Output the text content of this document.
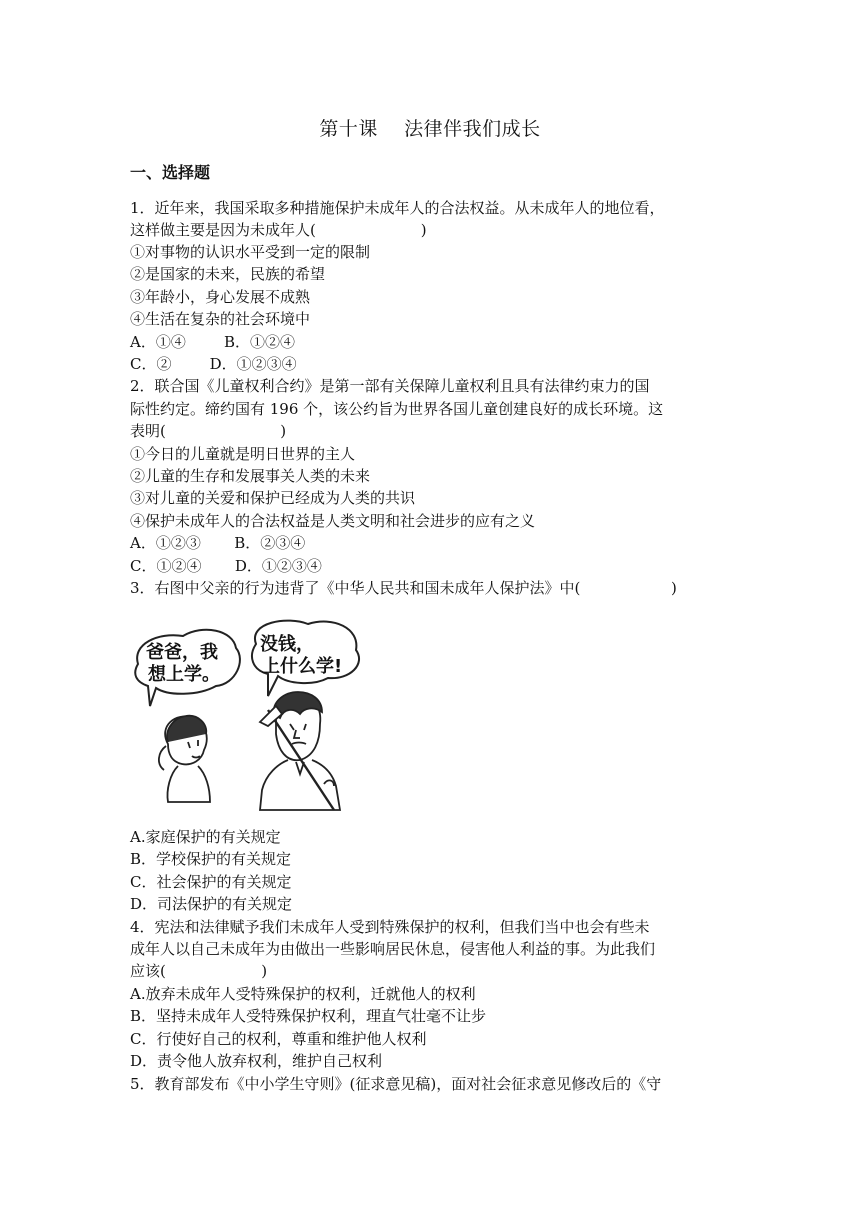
第十课    法律伴我们成长
一、选择题
1．近年来，我国采取多种措施保护未成年人的合法权益。从未成年人的地位看，
这样做主要是因为未成年人(                      )
①对事物的认识水平受到一定的限制
②是国家的未来，民族的希望
③年龄小，身心发展不成熟
④生活在复杂的社会环境中
A．①④        B．①②④
C．②        D．①②③④
2．联合国《儿童权利合约》是第一部有关保障儿童权利且具有法律约束力的国
际性约定。缔约国有 196 个，该公约旨为世界各国儿童创建良好的成长环境。这
表明(                        )
①今日的儿童就是明日世界的主人
②儿童的生存和发展事关人类的未来
③对儿童的关爱和保护已经成为人类的共识
④保护未成年人的合法权益是人类文明和社会进步的应有之义
A．①②③       B．②③④
C．①②④       D．①②③④
3．右图中父亲的行为违背了《中华人民共和国未成年人保护法》中(                   )
爸爸，我
想上学。
没钱，
上什么学!
A.家庭保护的有关规定
B．学校保护的有关规定
C．社会保护的有关规定
D．司法保护的有关规定
4．宪法和法律赋予我们未成年人受到特殊保护的权利，但我们当中也会有些未
成年人以自己未成年为由做出一些影响居民休息，侵害他人利益的事。为此我们
应该(                    )
A.放弃未成年人受特殊保护的权利，迁就他人的权利
B．坚持未成年人受特殊保护权利，理直气壮毫不让步
C．行使好自己的权利，尊重和维护他人权利
D．责令他人放弃权利，维护自己权利
5．教育部发布《中小学生守则》(征求意见稿)，面对社会征求意见修改后的《守
